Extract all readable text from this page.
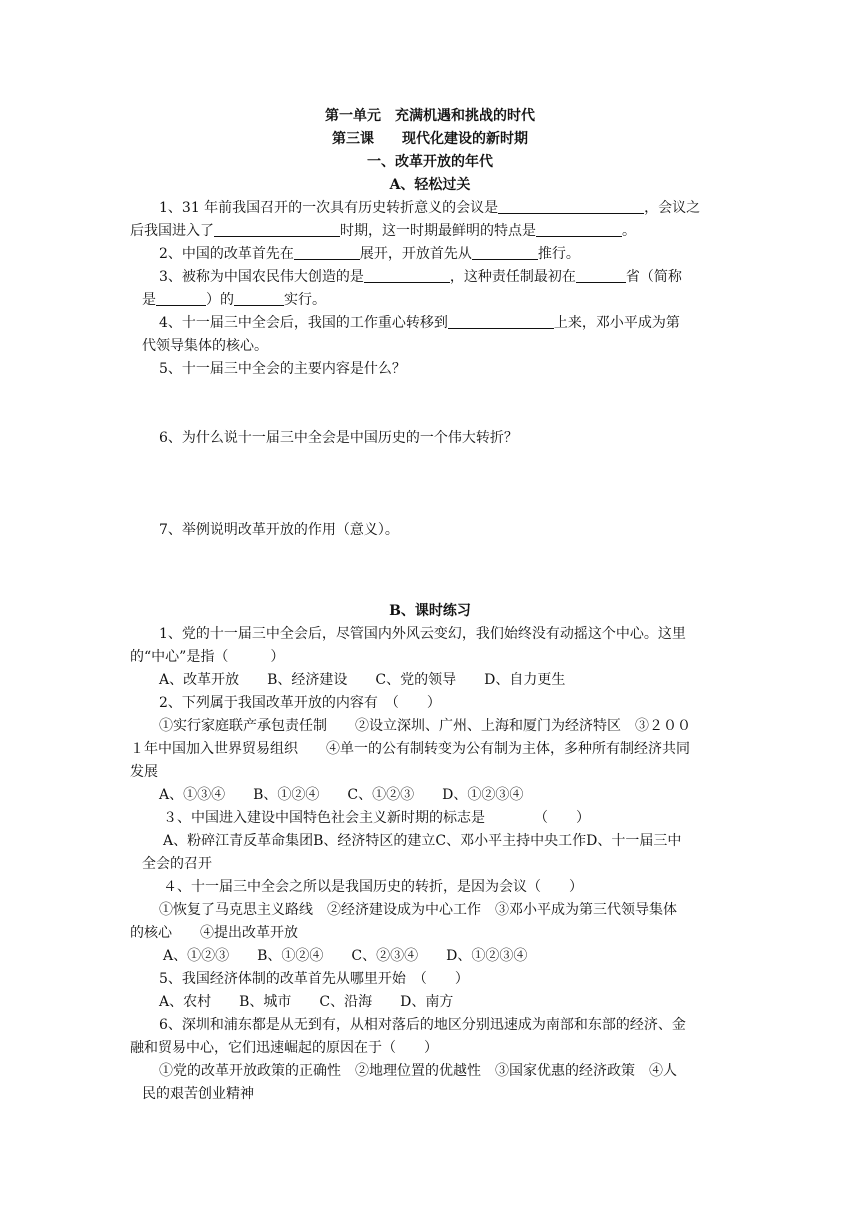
第一单元　充满机遇和挑战的时代
第三课　　现代化建设的新时期
一、改革开放的年代
A、轻松过关
1、31 年前我国召开的一次具有历史转折意义的会议是	，会议之
后我国进入了	时期，这一时期最鲜明的特点是	。
2、中国的改革首先在	展开，开放首先从	推行。
3、被称为中国农民伟大创造的是	，这种责任制最初在	省（简称
是	）的	实行。
4、十一届三中全会后，我国的工作重心转移到	上来，邓小平成为第
代领导集体的核心。
5、十一届三中全会的主要内容是什么？
6、为什么说十一届三中全会是中国历史的一个伟大转折？
7、举例说明改革开放的作用（意义）。
B、课时练习
1、党的十一届三中全会后，尽管国内外风云变幻，我们始终没有动摇这个中心。这里
的“中心”是指（　　　）
A、改革开放　　B、经济建设　　C、党的领导　　D、自力更生
2、下列属于我国改革开放的内容有　（　　）
①实行家庭联产承包责任制　　②设立深圳、广州、上海和厦门为经济特区　③２００
１年中国加入世界贸易组织　　④单一的公有制转变为公有制为主体，多种所有制经济共同
发展
A、①③④　　B、①②④　　C、①②③　　D、①②③④
３、中国进入建设中国特色社会主义新时期的标志是　　　　（　　）
A、粉碎江青反革命集团B、经济特区的建立C、邓小平主持中央工作D、十一届三中
全会的召开
４、十一届三中全会之所以是我国历史的转折，是因为会议（　　）
①恢复了马克思主义路线　②经济建设成为中心工作　③邓小平成为第三代领导集体
的核心　　④提出改革开放
A、①②③　　B、①②④　　C、②③④　　D、①②③④
5、我国经济体制的改革首先从哪里开始　（　　）
A、农村　　B、城市　　C、沿海　　D、南方
6、深圳和浦东都是从无到有，从相对落后的地区分别迅速成为南部和东部的经济、金
融和贸易中心，它们迅速崛起的原因在于（　　）
①党的改革开放政策的正确性　②地理位置的优越性　③国家优惠的经济政策　④人
民的艰苦创业精神
